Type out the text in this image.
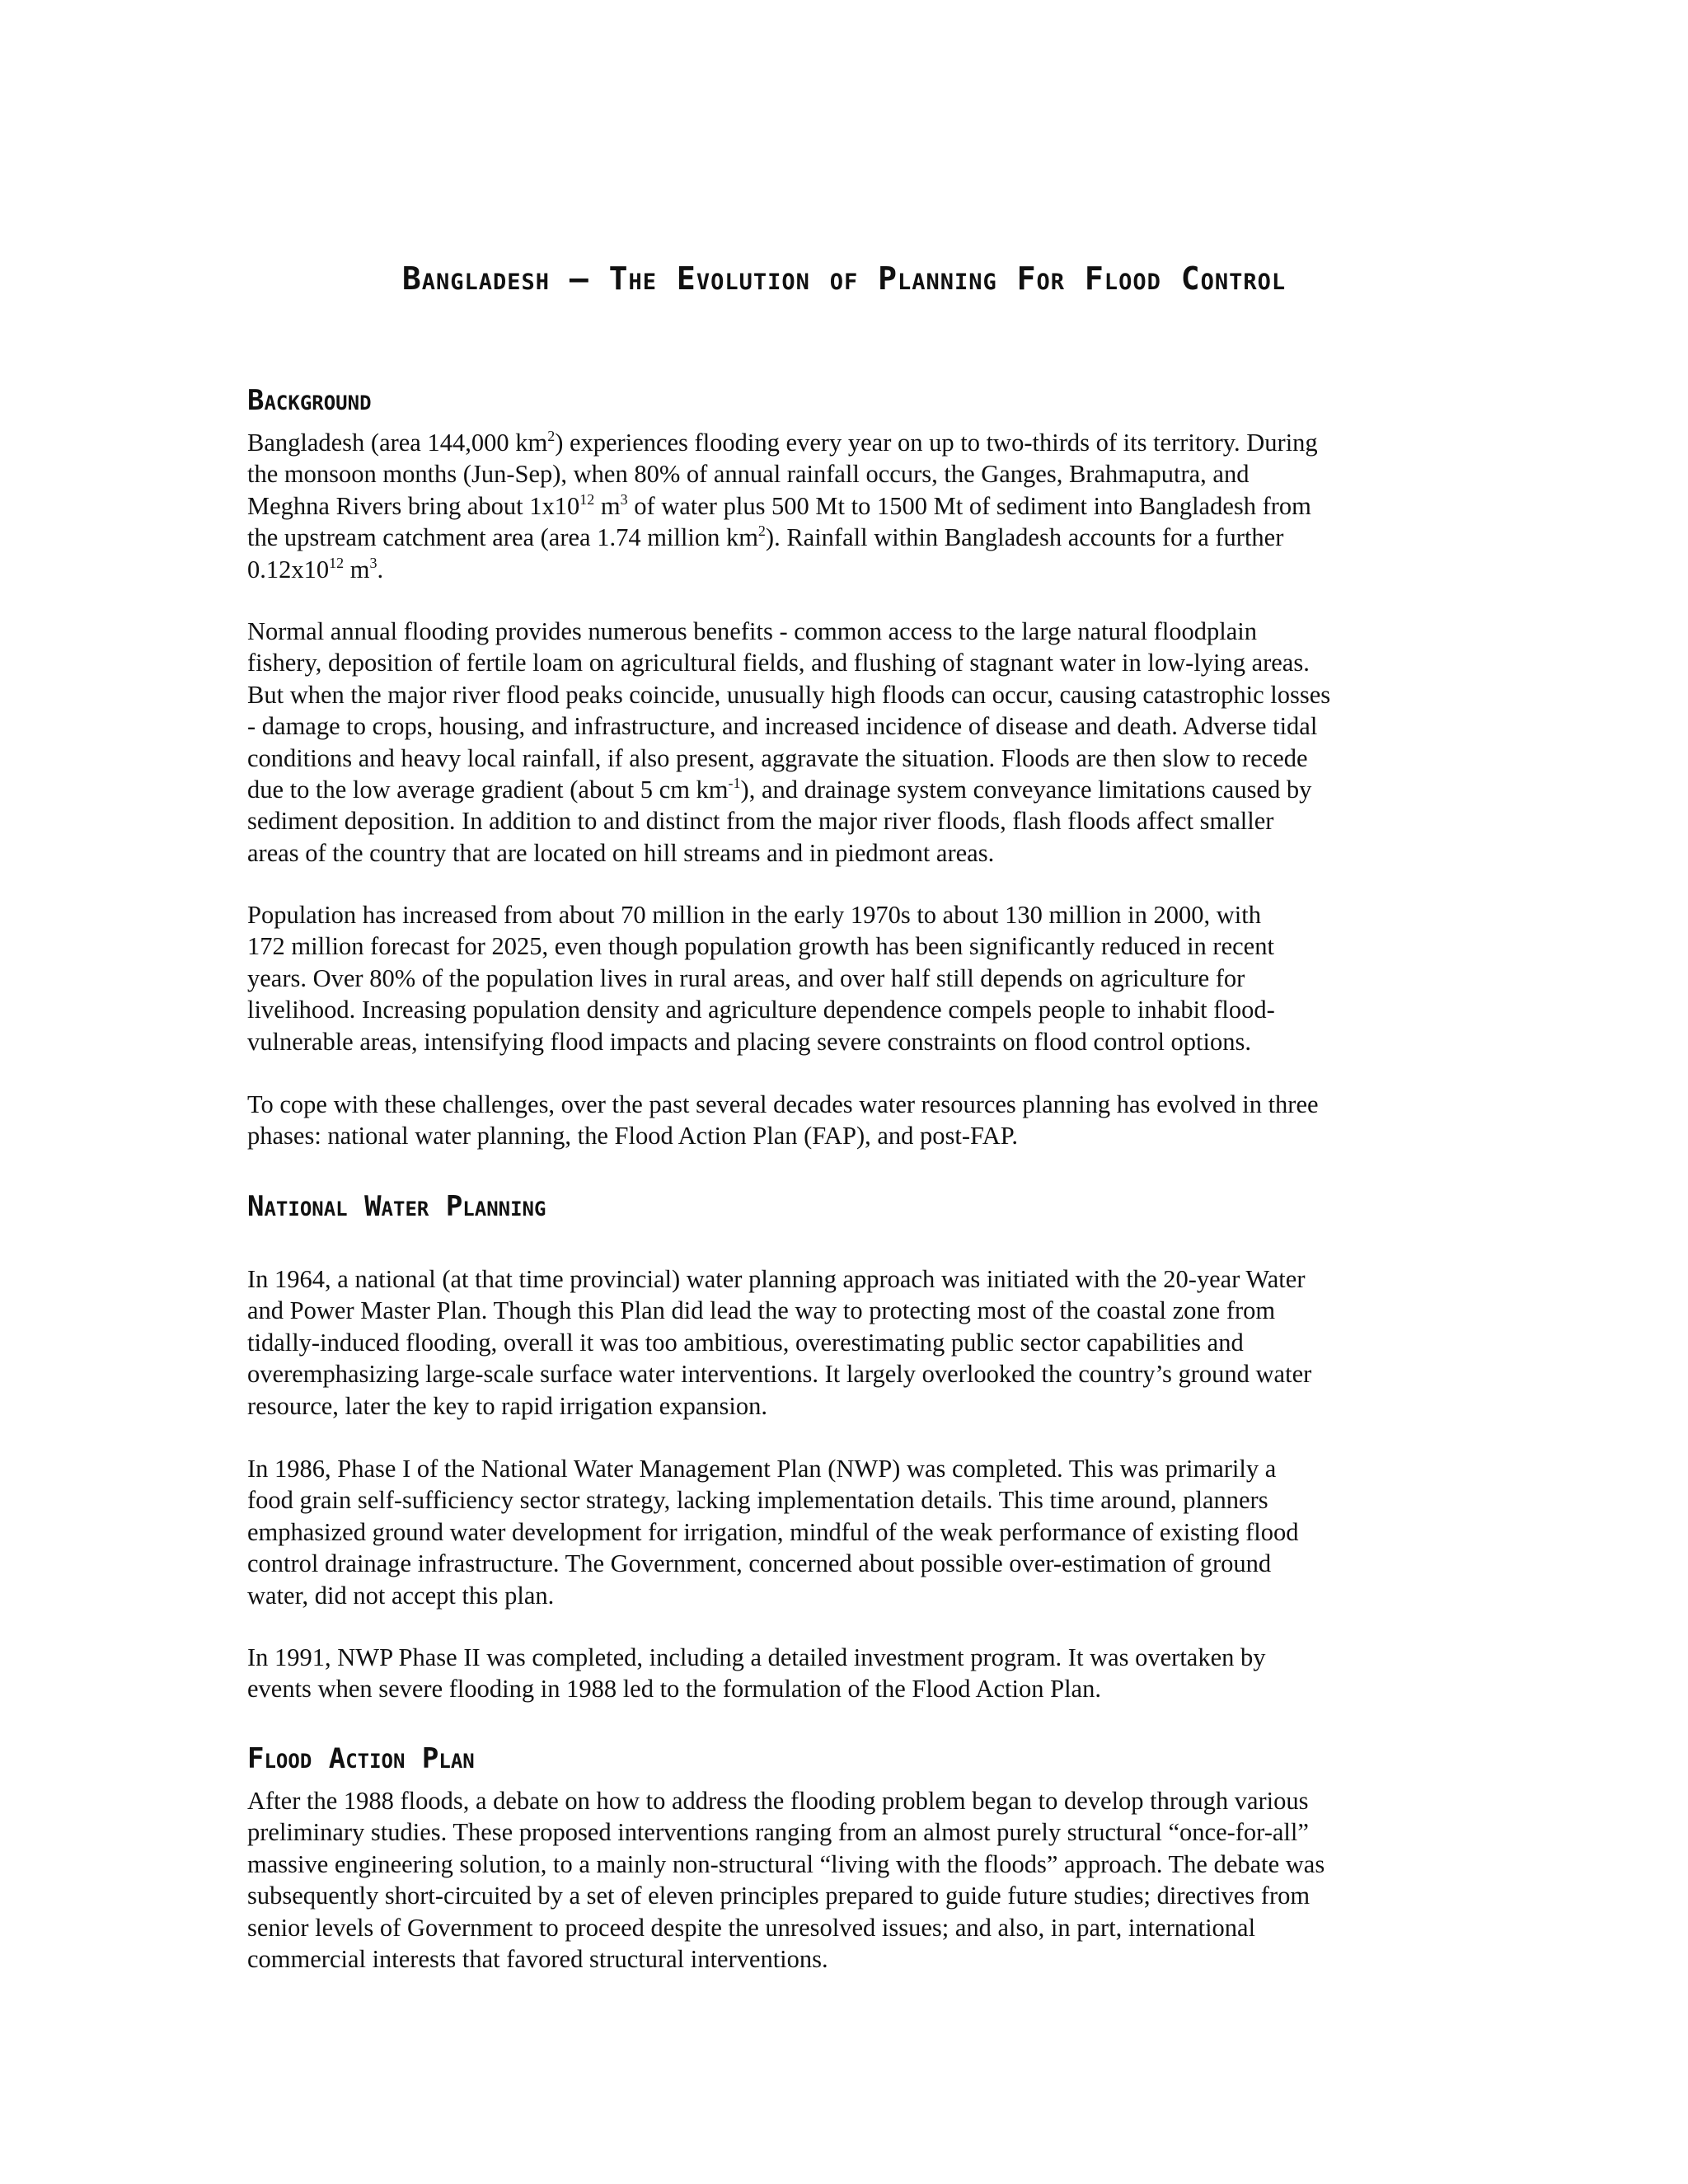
Bangladesh – The Evolution of Planning For Flood Control
Background
Bangladesh (area 144,000 $km^2$) experiences flooding every year on up to two-thirds of its territory. During
the monsoon months (Jun-Sep), when 80% of annual rainfall occurs, the Ganges, Brahmaputra, and
Meghna Rivers bring about $1x10^{12}$ $m^3$ of water plus 500 Mt to 1500 Mt of sediment into Bangladesh from
the upstream catchment area (area 1.74 million $km^2$). Rainfall within Bangladesh accounts for a further
$0.12x10^{12}$ $m^3$.
Normal annual flooding provides numerous benefits - common access to the large natural floodplain
fishery, deposition of fertile loam on agricultural fields, and flushing of stagnant water in low-lying areas.
But when the major river flood peaks coincide, unusually high floods can occur, causing catastrophic losses
- damage to crops, housing, and infrastructure, and increased incidence of disease and death. Adverse tidal
conditions and heavy local rainfall, if also present, aggravate the situation. Floods are then slow to recede
due to the low average gradient (about 5 cm $km^{-1}$), and drainage system conveyance limitations caused by
sediment deposition. In addition to and distinct from the major river floods, flash floods affect smaller
areas of the country that are located on hill streams and in piedmont areas.
Population has increased from about 70 million in the early 1970s to about 130 million in 2000, with
172 million forecast for 2025, even though population growth has been significantly reduced in recent
years. Over 80% of the population lives in rural areas, and over half still depends on agriculture for
livelihood. Increasing population density and agriculture dependence compels people to inhabit flood-
vulnerable areas, intensifying flood impacts and placing severe constraints on flood control options.
To cope with these challenges, over the past several decades water resources planning has evolved in three
phases: national water planning, the Flood Action Plan (FAP), and post-FAP.
National Water Planning
In 1964, a national (at that time provincial) water planning approach was initiated with the 20-year Water
and Power Master Plan. Though this Plan did lead the way to protecting most of the coastal zone from
tidally-induced flooding, overall it was too ambitious, overestimating public sector capabilities and
overemphasizing large-scale surface water interventions. It largely overlooked the country’s ground water
resource, later the key to rapid irrigation expansion.
In 1986, Phase I of the National Water Management Plan (NWP) was completed. This was primarily a
food grain self-sufficiency sector strategy, lacking implementation details. This time around, planners
emphasized ground water development for irrigation, mindful of the weak performance of existing flood
control drainage infrastructure. The Government, concerned about possible over-estimation of ground
water, did not accept this plan.
In 1991, NWP Phase II was completed, including a detailed investment program. It was overtaken by
events when severe flooding in 1988 led to the formulation of the Flood Action Plan.
Flood Action Plan
After the 1988 floods, a debate on how to address the flooding problem began to develop through various
preliminary studies. These proposed interventions ranging from an almost purely structural “once-for-all”
massive engineering solution, to a mainly non-structural “living with the floods” approach. The debate was
subsequently short-circuited by a set of eleven principles prepared to guide future studies; directives from
senior levels of Government to proceed despite the unresolved issues; and also, in part, international
commercial interests that favored structural interventions.
